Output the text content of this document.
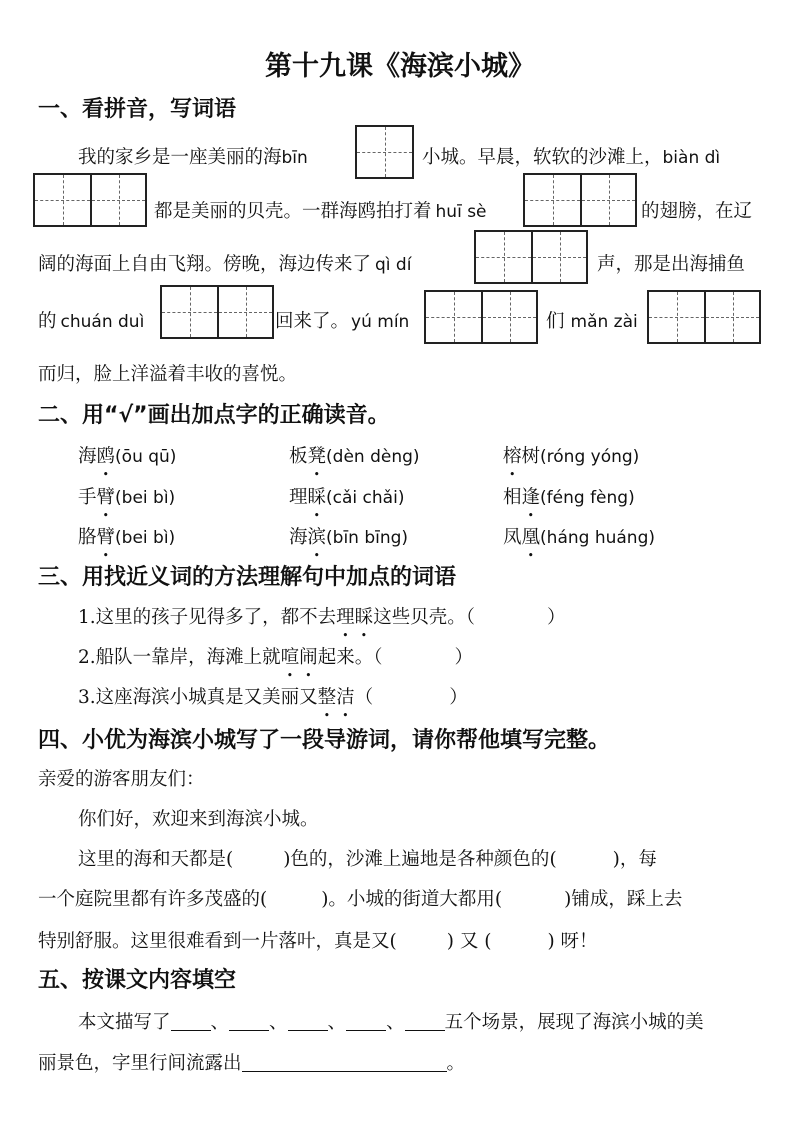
第十九课《海滨小城》
一、看拼音，写词语
我的家乡是一座美丽的海bīn	小城。早晨，软软的沙滩上，biàn dì
都是美丽的贝壳。一群海鸥拍打着 huī sè	的翅膀，在辽
阔的海面上自由飞翔。傍晚，海边传来了 qì dí	声，那是出海捕鱼
的 chuán duì	回来了。 yú mín	们 mǎn zài
而归，脸上洋溢着丰收的喜悦。
二、用“√”画出加点字的正确读音。
海鸥(ōu qū)	板凳(dèn dèng)	榕树(róng yóng)
手臂(bei bì)	理睬(cǎi chǎi)	相逢(féng fèng)
胳臂(bei bì)	海滨(bīn bīng)	凤凰(háng huáng)
三、用找近义词的方法理解句中加点的词语
1.这里的孩子见得多了，都不去理睬这些贝壳。（	）
2.船队一靠岸，海滩上就喧闹起来。（	）
3.这座海滨小城真是又美丽又整洁（	）
四、小优为海滨小城写了一段导游词，请你帮他填写完整。
亲爱的游客朋友们：
你们好，欢迎来到海滨小城。
这里的海和天都是(	)色的，沙滩上遍地是各种颜色的(	)，每
一个庭院里都有许多茂盛的(	)。小城的街道大都用(	)铺成，踩上去
特别舒服。这里很难看到一片落叶，真是又(	) 又 (	) 呀！
五、按课文内容填空
本文描写了 、 、 、 、 五个场景，展现了海滨小城的美
丽景色，字里行间流露出	。
